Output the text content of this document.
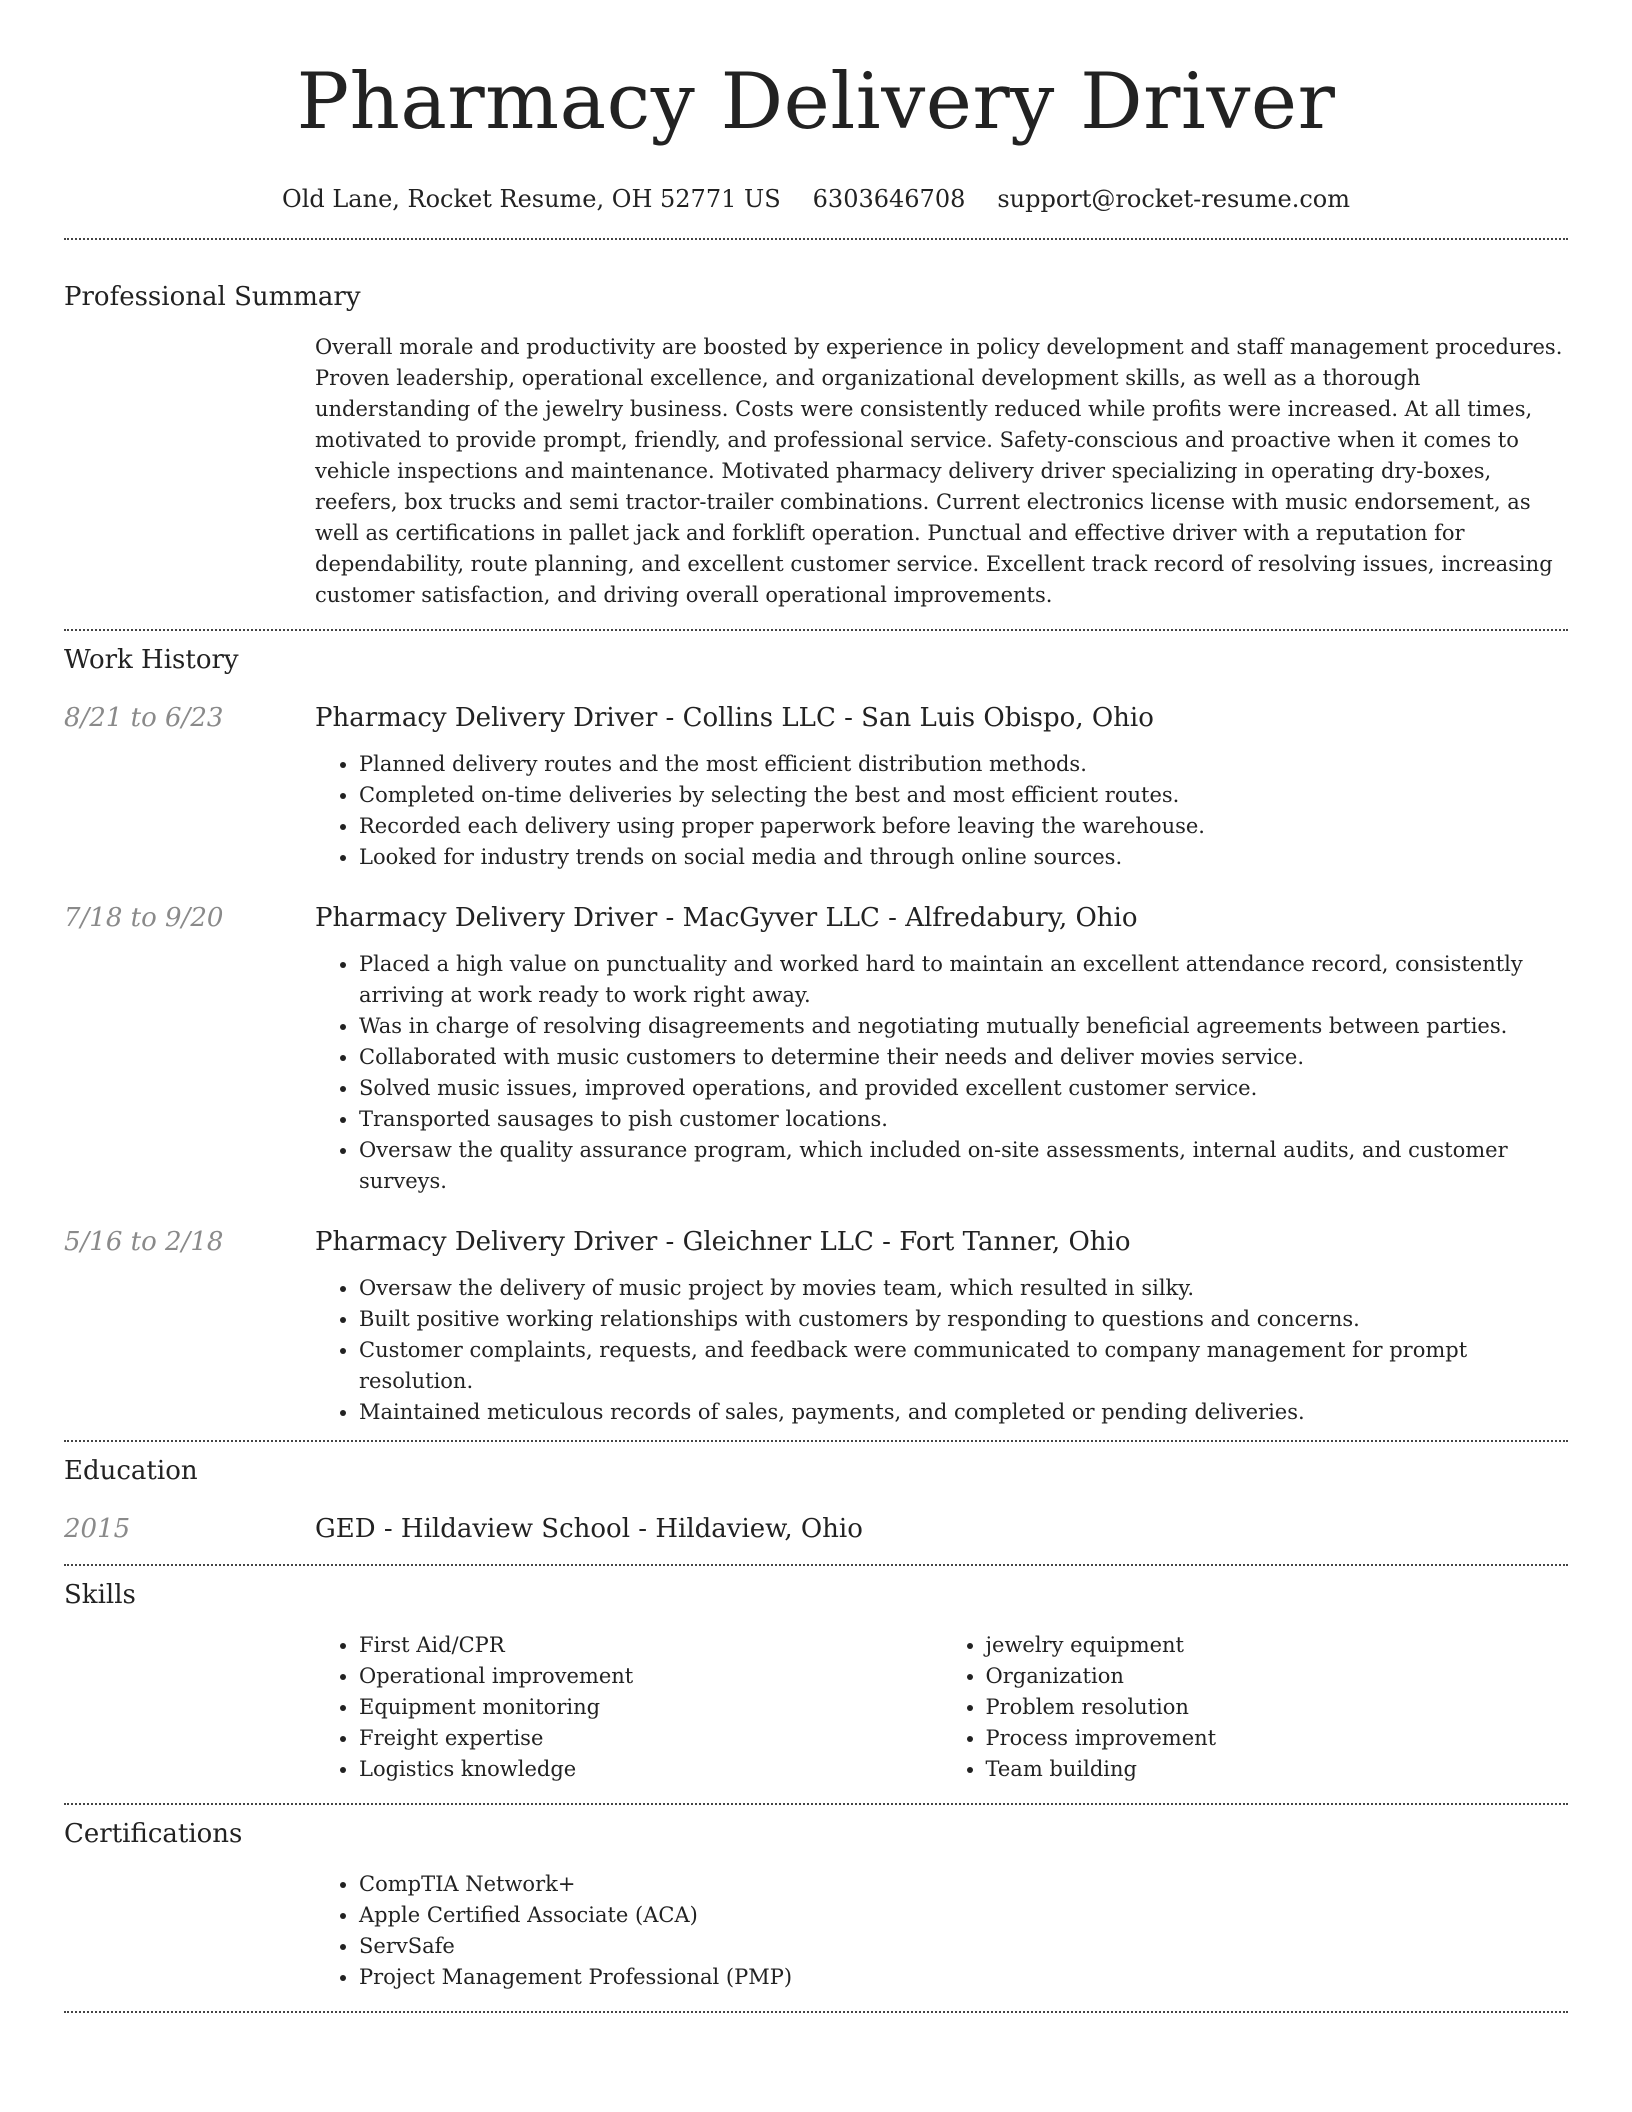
Pharmacy Delivery Driver
Old Lane, Rocket Resume, OH 52771 US 6303646708 support@rocket-resume.com
Professional Summary

Overall morale and productivity are boosted by experience in policy development and staff management procedures. Proven leadership, operational excellence, and organizational development skills, as well as a thorough understanding of the jewelry business. Costs were consistently reduced while profits were increased. At all times, motivated to provide prompt, friendly, and professional service. Safety-conscious and proactive when it comes to vehicle inspections and maintenance. Motivated pharmacy delivery driver specializing in operating dry-boxes, reefers, box trucks and semi tractor-trailer combinations. Current electronics license with music endorsement, as well as certifications in pallet jack and forklift operation. Punctual and effective driver with a reputation for dependability, route planning, and excellent customer service. Excellent track record of resolving issues, increasing customer satisfaction, and driving overall operational improvements.

Work History
8/21 to 6/23	Pharmacy Delivery Driver - Collins LLC - San Luis Obispo, Ohio
• Planned delivery routes and the most efficient distribution methods.
• Completed on-time deliveries by selecting the best and most efficient routes.
• Recorded each delivery using proper paperwork before leaving the warehouse.
• Looked for industry trends on social media and through online sources.
7/18 to 9/20	Pharmacy Delivery Driver - MacGyver LLC - Alfredabury, Ohio
• Placed a high value on punctuality and worked hard to maintain an excellent attendance record, consistently arriving at work ready to work right away.
• Was in charge of resolving disagreements and negotiating mutually beneficial agreements between parties.
• Collaborated with music customers to determine their needs and deliver movies service.
• Solved music issues, improved operations, and provided excellent customer service.
• Transported sausages to pish customer locations.
• Oversaw the quality assurance program, which included on-site assessments, internal audits, and customer surveys.
5/16 to 2/18	Pharmacy Delivery Driver - Gleichner LLC - Fort Tanner, Ohio
• Oversaw the delivery of music project by movies team, which resulted in silky.
• Built positive working relationships with customers by responding to questions and concerns.
• Customer complaints, requests, and feedback were communicated to company management for prompt resolution.
• Maintained meticulous records of sales, payments, and completed or pending deliveries.
Education
2015	GED - Hildaview School - Hildaview, Ohio
Skills
• First Aid/CPR
• Operational improvement
• Equipment monitoring
• Freight expertise
• Logistics knowledge
• jewelry equipment
• Organization
• Problem resolution
• Process improvement
• Team building
Certifications
• CompTIA Network+
• Apple Certified Associate (ACA)
• ServSafe
• Project Management Professional (PMP)
